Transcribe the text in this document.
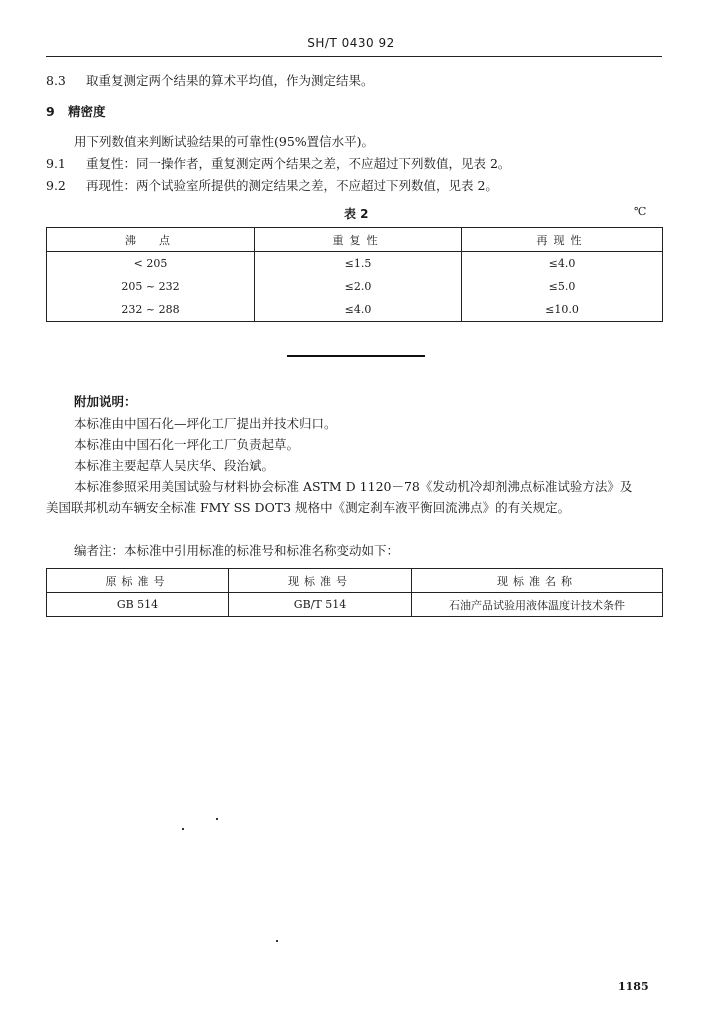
SH/T 0430 92
8.3 取重复测定两个结果的算术平均值，作为测定结果。
9 精密度
用下列数值来判断试验结果的可靠性(95%置信水平)。
9.1 重复性：同一操作者，重复测定两个结果之差，不应超过下列数值，见表 2。
9.2 再现性：两个试验室所提供的测定结果之差，不应超过下列数值，见表 2。
表 2	℃
沸　点	重复性	再现性
< 205	≤1.5	≤4.0
205 ~ 232	≤2.0	≤5.0
232 ~ 288	≤4.0	≤10.0
附加说明：
本标准由中国石化—坪化工厂提出并技术归口。
本标准由中国石化一坪化工厂负责起草。
本标准主要起草人吴庆华、段治斌。
本标准参照采用美国试验与材料协会标准 ASTM D 1120－78《发动机冷却剂沸点标准试验方法》及
美国联邦机动车辆安全标准 FMY SS DOT3 规格中《测定刹车液平衡回流沸点》的有关规定。
编者注：本标准中引用标准的标准号和标准名称变动如下：
原标准号	现标准号	现标准名称
GB 514	GB/T 514	石油产品试验用液体温度计技术条件
1185
